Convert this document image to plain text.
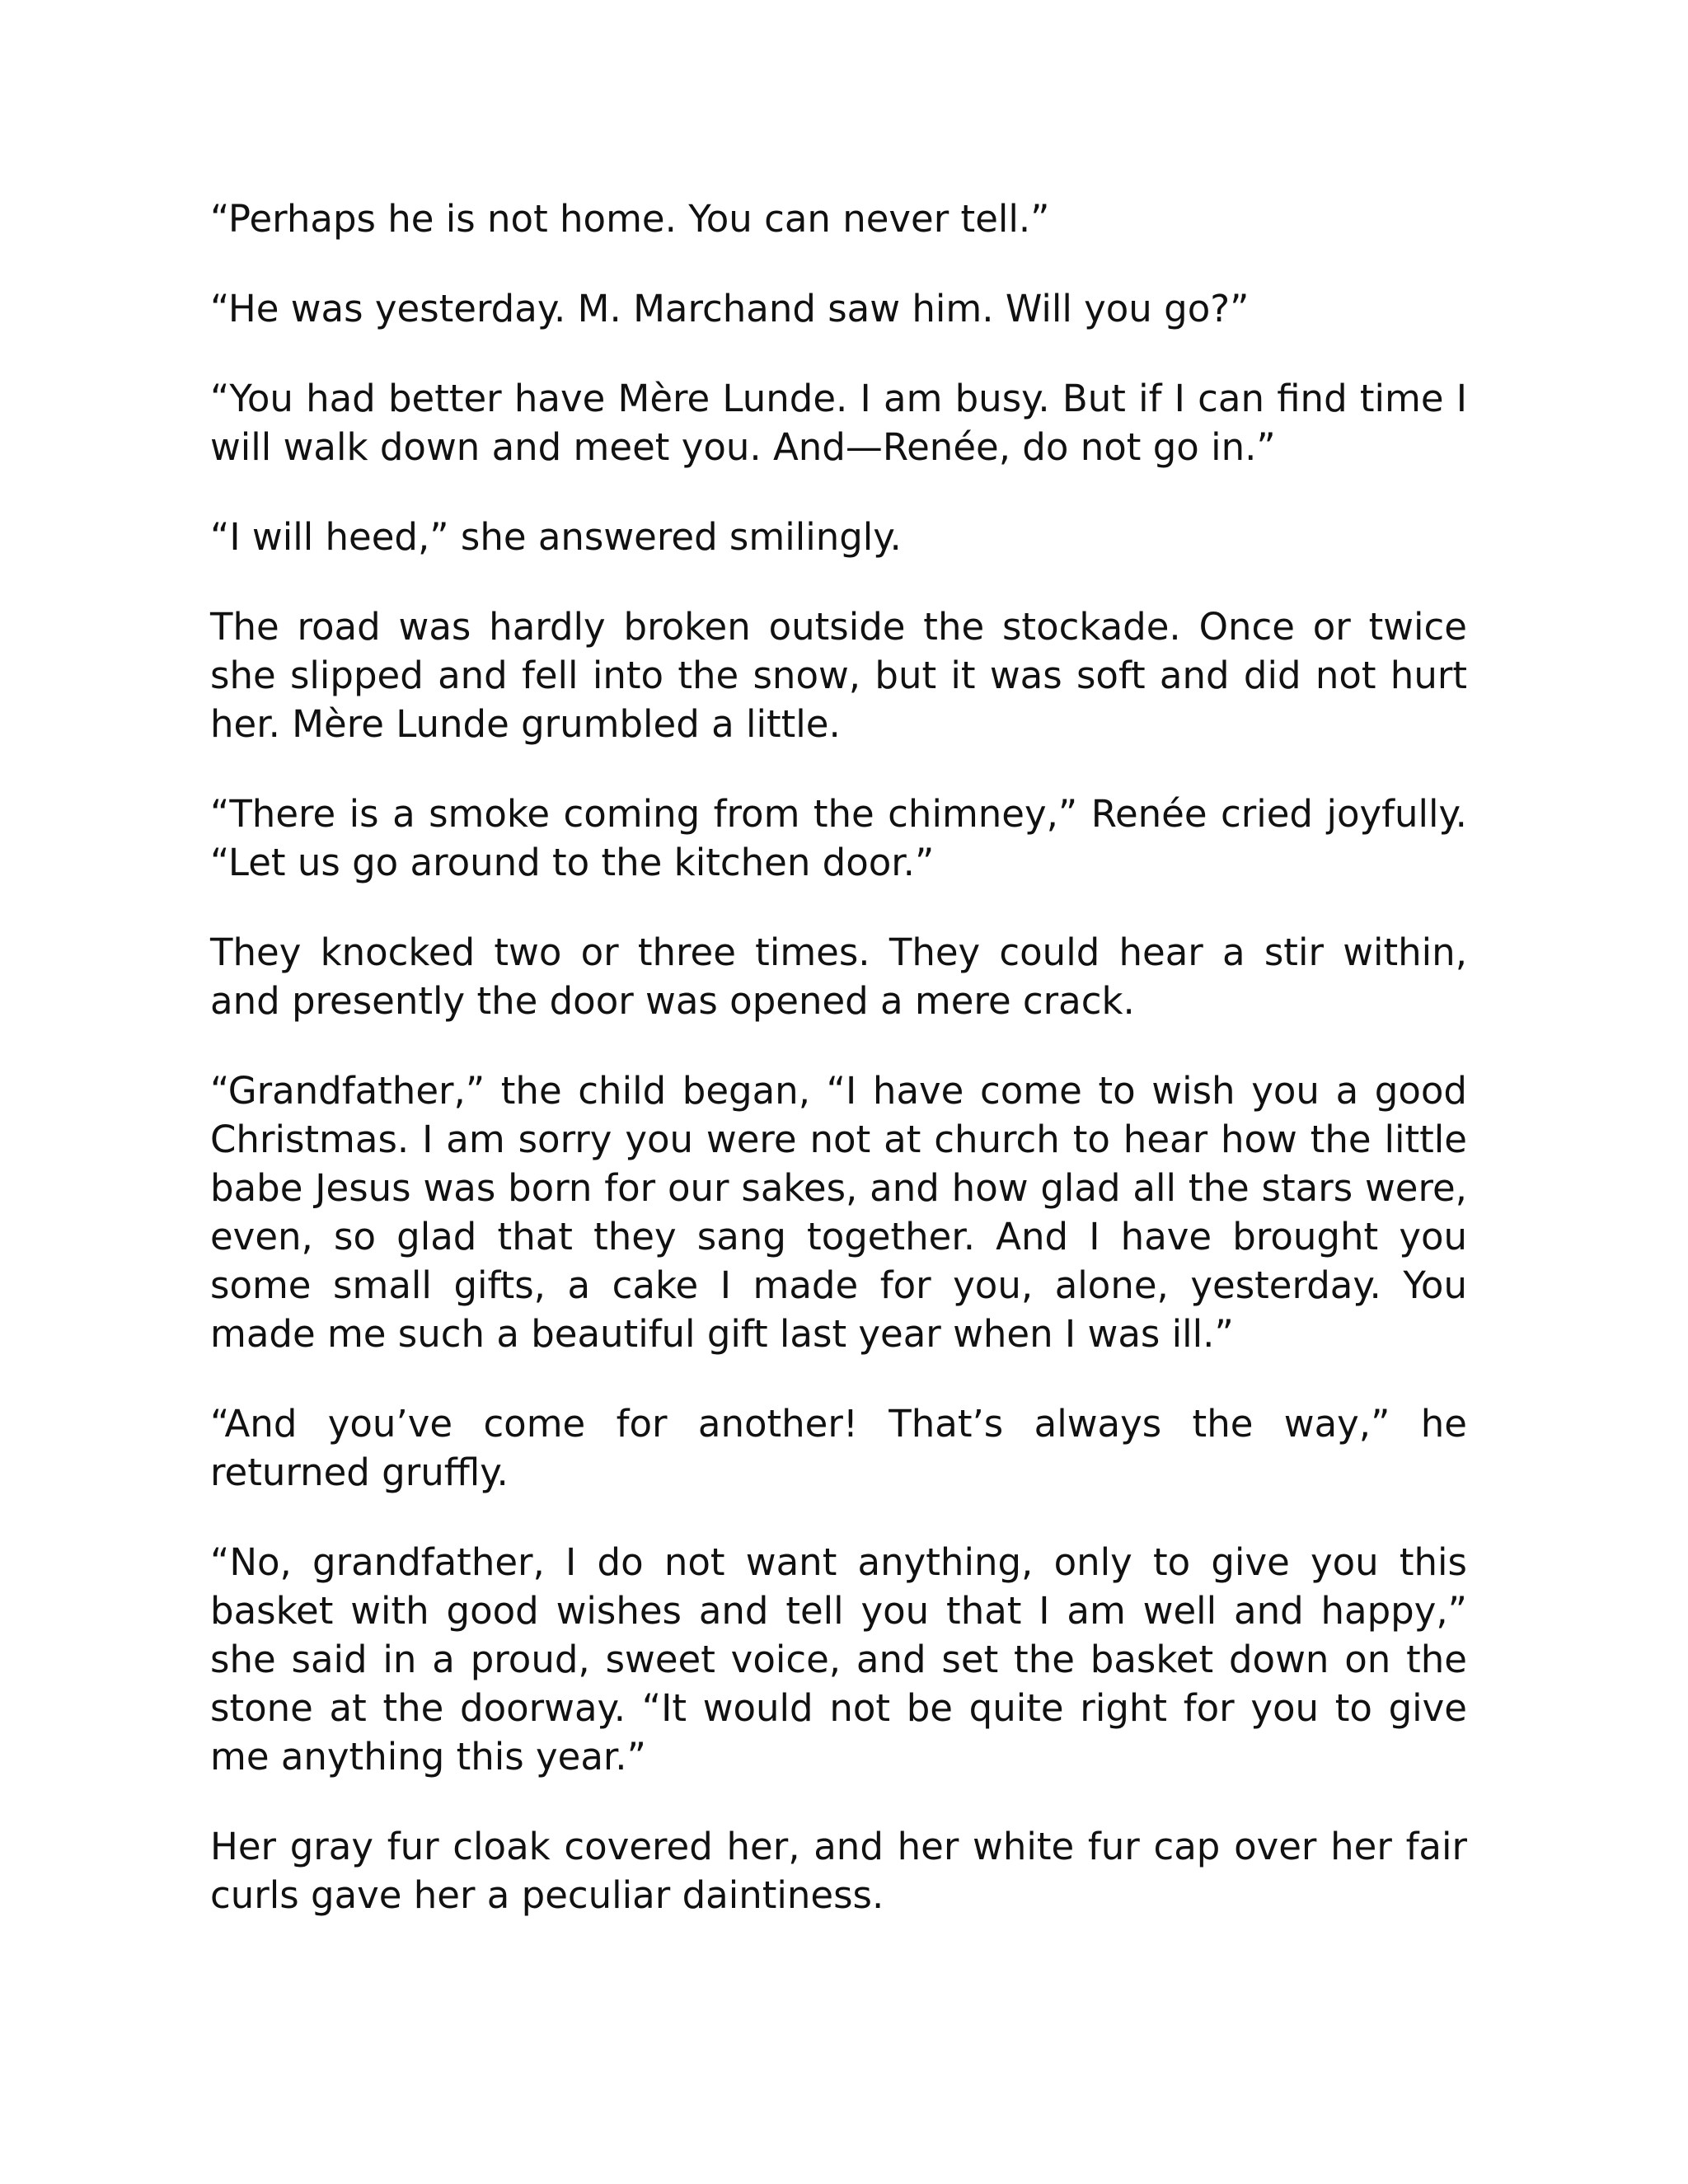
“Perhaps he is not home. You can never tell.”

“He was yesterday. M. Marchand saw him. Will you go?”

“You had better have Mère Lunde. I am busy. But if I can find time I will walk down and meet you. And—Renée, do not go in.”

“I will heed,” she answered smilingly.

The road was hardly broken outside the stockade. Once or twice she slipped and fell into the snow, but it was soft and did not hurt her. Mère Lunde grumbled a little.

“There is a smoke coming from the chimney,” Renée cried joyfully. “Let us go around to the kitchen door.”

They knocked two or three times. They could hear a stir within, and presently the door was opened a mere crack.

“Grandfather,” the child began, “I have come to wish you a good Christmas. I am sorry you were not at church to hear how the little babe Jesus was born for our sakes, and how glad all the stars were, even, so glad that they sang together. And I have brought you some small gifts, a cake I made for you, alone, yesterday. You made me such a beautiful gift last year when I was ill.”

“And you’ve come for another! That’s always the way,” he returned gruffly.

“No, grandfather, I do not want anything, only to give you this basket with good wishes and tell you that I am well and happy,” she said in a proud, sweet voice, and set the basket down on the stone at the doorway. “It would not be quite right for you to give me anything this year.”

Her gray fur cloak covered her, and her white fur cap over her fair curls gave her a peculiar daintiness.
